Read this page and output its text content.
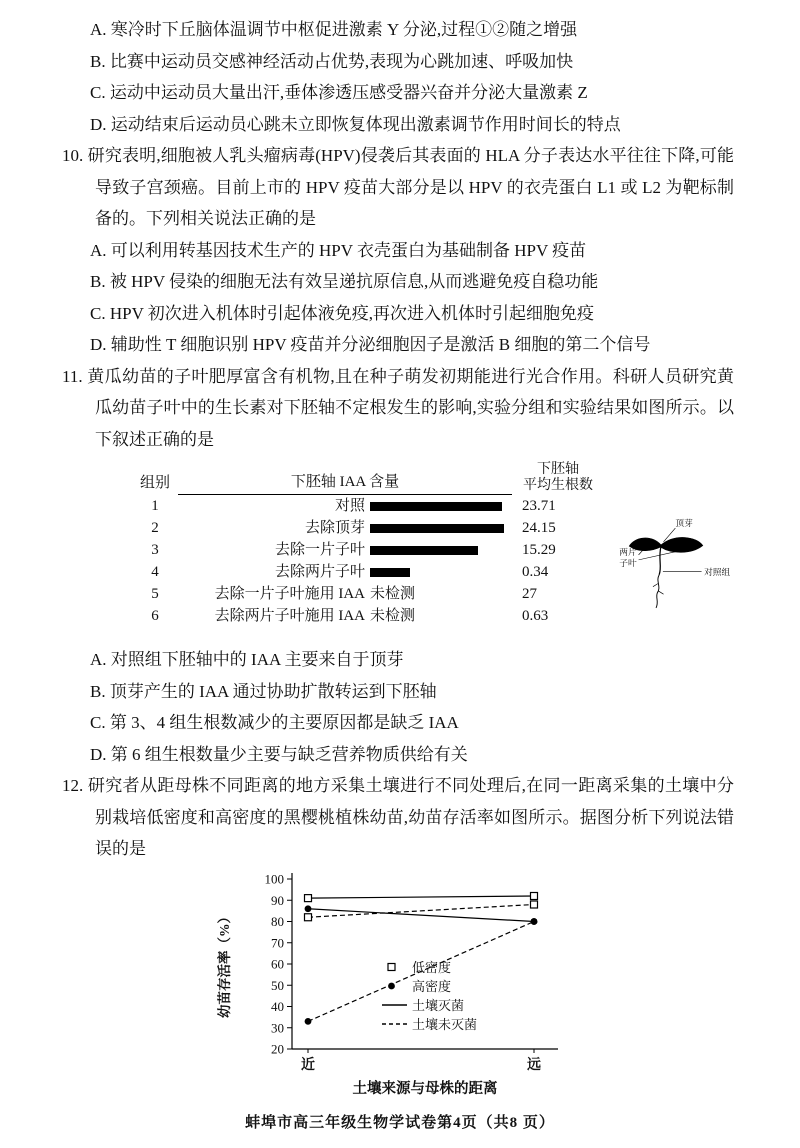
A. 寒冷时下丘脑体温调节中枢促进激素 Y 分泌,过程①②随之增强

B. 比赛中运动员交感神经活动占优势,表现为心跳加速、呼吸加快

C. 运动中运动员大量出汗,垂体渗透压感受器兴奋并分泌大量激素 Z

D. 运动结束后运动员心跳未立即恢复体现出激素调节作用时间长的特点

10. 研究表明,细胞被人乳头瘤病毒(HPV)侵袭后其表面的 HLA 分子表达水平往往下降,可能导致子宫颈癌。目前上市的 HPV 疫苗大部分是以 HPV 的衣壳蛋白 L1 或 L2 为靶标制备的。下列相关说法正确的是

A. 可以利用转基因技术生产的 HPV 衣壳蛋白为基础制备 HPV 疫苗

B. 被 HPV 侵染的细胞无法有效呈递抗原信息,从而逃避免疫自稳功能

C. HPV 初次进入机体时引起体液免疫,再次进入机体时引起细胞免疫

D. 辅助性 T 细胞识别 HPV 疫苗并分泌细胞因子是激活 B 细胞的第二个信号

11. 黄瓜幼苗的子叶肥厚富含有机物,且在种子萌发初期能进行光合作用。科研人员研究黄瓜幼苗子叶中的生长素对下胚轴不定根发生的影响,实验分组和实验结果如图所示。以下叙述正确的是

组别	下胚轴 IAA 含量
下胚轴
平均生根数
1	对照	23.71
2	去除顶芽	24.15
3	去除一片子叶	15.29
4	去除两片子叶	0.34
5	去除一片子叶施用 IAA 未检测	27
6	去除两片子叶施用 IAA 未检测	0.63
顶芽
两片
子叶
对照组

A. 对照组下胚轴中的 IAA 主要来自于顶芽

B. 顶芽产生的 IAA 通过协助扩散转运到下胚轴

C. 第 3、4 组生根数减少的主要原因都是缺乏 IAA

D. 第 6 组生根数量少主要与缺乏营养物质供给有关

12. 研究者从距母株不同距离的地方采集土壤进行不同处理后,在同一距离采集的土壤中分别栽培低密度和高密度的黑樱桃植株幼苗,幼苗存活率如图所示。据图分析下列说法错误的是

20
30
40
50
60
70
80
90
100
近	远
低密度
高密度
土壤灭菌
土壤未灭菌
幼苗存活率（%）
土壤来源与母株的距离
蚌埠市高三年级生物学试卷第4页（共8 页）
